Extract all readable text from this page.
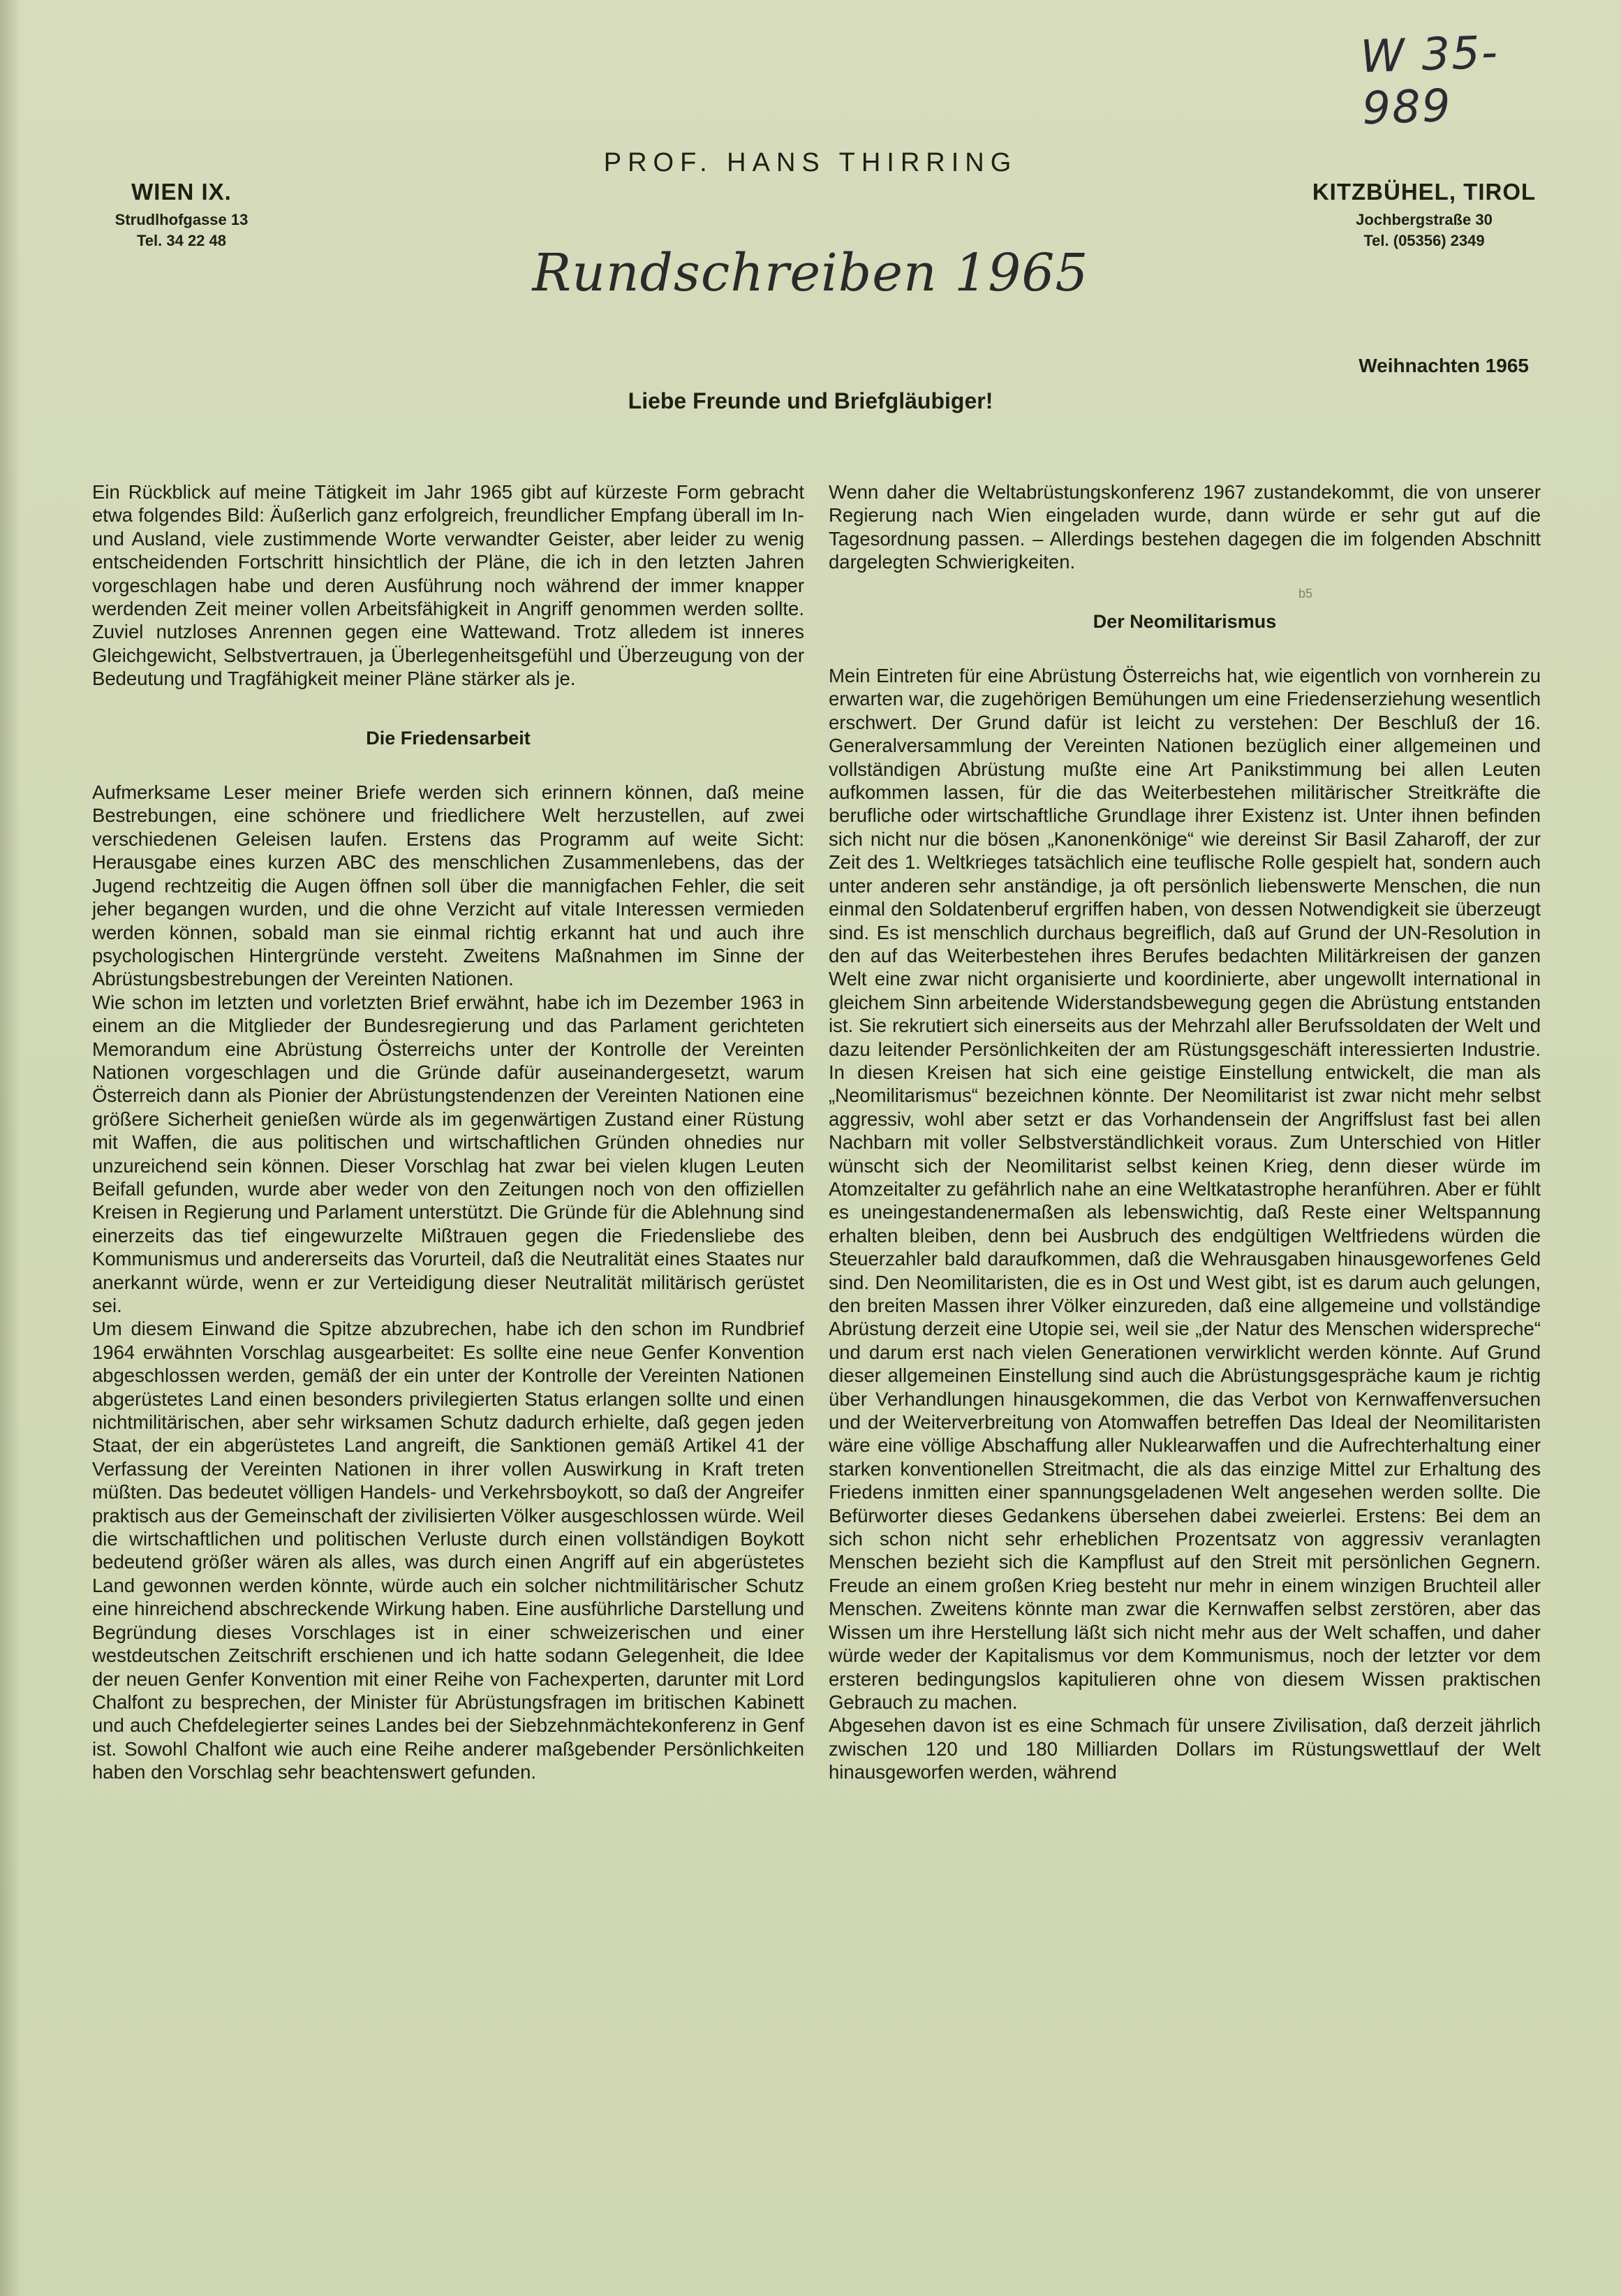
W 35-989
PROF. HANS THIRRING
WIEN IX.
Strudlhofgasse 13
Tel. 34 22 48
KITZBÜHEL, TIROL
Jochbergstraße 30
Tel. (05356) 2349
Rundschreiben 1965
Weihnachten 1965
Liebe Freunde und Briefgläubiger!
b5

Ein Rückblick auf meine Tätigkeit im Jahr 1965 gibt auf kürzeste Form gebracht etwa folgendes Bild: Äußerlich ganz erfolgreich, freundlicher Empfang überall im In- und Ausland, viele zustimmende Worte verwandter Geister, aber leider zu wenig entscheidenden Fortschritt hinsichtlich der Pläne, die ich in den letzten Jahren vorgeschlagen habe und deren Ausführung noch während der immer knapper werdenden Zeit meiner vollen Arbeitsfähigkeit in Angriff genommen werden sollte. Zuviel nutzloses Anrennen gegen eine Wattewand. Trotz alledem ist inneres Gleichgewicht, Selbstvertrauen, ja Überlegenheitsgefühl und Überzeugung von der Bedeutung und Tragfähigkeit meiner Pläne stärker als je.

Die Friedensarbeit

Aufmerksame Leser meiner Briefe werden sich erinnern können, daß meine Bestrebungen, eine schönere und friedlichere Welt herzustellen, auf zwei verschiedenen Geleisen laufen. Erstens das Programm auf weite Sicht: Herausgabe eines kurzen ABC des menschlichen Zusammenlebens, das der Jugend rechtzeitig die Augen öffnen soll über die mannigfachen Fehler, die seit jeher begangen wurden, und die ohne Verzicht auf vitale Interessen vermieden werden können, sobald man sie einmal richtig erkannt hat und auch ihre psychologischen Hintergründe versteht. Zweitens Maßnahmen im Sinne der Abrüstungsbestrebungen der Vereinten Nationen.

Wie schon im letzten und vorletzten Brief erwähnt, habe ich im Dezember 1963 in einem an die Mitglieder der Bundesregierung und das Parlament gerichteten Memorandum eine Abrüstung Österreichs unter der Kontrolle der Vereinten Nationen vorgeschlagen und die Gründe dafür auseinandergesetzt, warum Österreich dann als Pionier der Abrüstungstendenzen der Vereinten Nationen eine größere Sicherheit genießen würde als im gegenwärtigen Zustand einer Rüstung mit Waffen, die aus politischen und wirtschaftlichen Gründen ohnedies nur unzureichend sein können. Dieser Vorschlag hat zwar bei vielen klugen Leuten Beifall gefunden, wurde aber weder von den Zeitungen noch von den offiziellen Kreisen in Regierung und Parlament unterstützt. Die Gründe für die Ablehnung sind einerzeits das tief eingewurzelte Mißtrauen gegen die Friedensliebe des Kommunismus und andererseits das Vorurteil, daß die Neutralität eines Staates nur anerkannt würde, wenn er zur Verteidigung dieser Neutralität militärisch gerüstet sei.

Um diesem Einwand die Spitze abzubrechen, habe ich den schon im Rundbrief 1964 erwähnten Vorschlag ausgearbeitet: Es sollte eine neue Genfer Konvention abgeschlossen werden, gemäß der ein unter der Kontrolle der Vereinten Nationen abgerüstetes Land einen besonders privilegierten Status erlangen sollte und einen nichtmilitärischen, aber sehr wirksamen Schutz dadurch erhielte, daß gegen jeden Staat, der ein abgerüstetes Land angreift, die Sanktionen gemäß Artikel 41 der Verfassung der Vereinten Nationen in ihrer vollen Auswirkung in Kraft treten müßten. Das bedeutet völligen Handels- und Verkehrsboykott, so daß der Angreifer praktisch aus der Gemeinschaft der zivilisierten Völker ausgeschlossen würde. Weil die wirtschaftlichen und politischen Verluste durch einen vollständigen Boykott bedeutend größer wären als alles, was durch einen Angriff auf ein abgerüstetes Land gewonnen werden könnte, würde auch ein solcher nichtmilitärischer Schutz eine hinreichend abschreckende Wirkung haben. Eine ausführliche Darstellung und Begründung dieses Vorschlages ist in einer schweizerischen und einer westdeutschen Zeitschrift erschienen und ich hatte sodann Gelegenheit, die Idee der neuen Genfer Konvention mit einer Reihe von Fachexperten, darunter mit Lord Chalfont zu besprechen, der Minister für Abrüstungsfragen im britischen Kabinett und auch Chefdelegierter seines Landes bei der Siebzehnmächtekonferenz in Genf ist. Sowohl Chalfont wie auch eine Reihe anderer maßgebender Persönlichkeiten haben den Vorschlag sehr beachtenswert gefunden.

Wenn daher die Weltabrüstungskonferenz 1967 zustandekommt, die von unserer Regierung nach Wien eingeladen wurde, dann würde er sehr gut auf die Tagesordnung passen. – Allerdings bestehen dagegen die im folgenden Abschnitt dargelegten Schwierigkeiten.

Der Neomilitarismus

Mein Eintreten für eine Abrüstung Österreichs hat, wie eigentlich von vornherein zu erwarten war, die zugehörigen Bemühungen um eine Friedenserziehung wesentlich erschwert. Der Grund dafür ist leicht zu verstehen: Der Beschluß der 16. Generalversammlung der Vereinten Nationen bezüglich einer allgemeinen und vollständigen Abrüstung mußte eine Art Panikstimmung bei allen Leuten aufkommen lassen, für die das Weiterbestehen militärischer Streitkräfte die berufliche oder wirtschaftliche Grundlage ihrer Existenz ist. Unter ihnen befinden sich nicht nur die bösen „Kanonenkönige“ wie dereinst Sir Basil Zaharoff, der zur Zeit des 1. Weltkrieges tatsächlich eine teuflische Rolle gespielt hat, sondern auch unter anderen sehr anständige, ja oft persönlich liebenswerte Menschen, die nun einmal den Soldatenberuf ergriffen haben, von dessen Notwendigkeit sie überzeugt sind. Es ist menschlich durchaus begreiflich, daß auf Grund der UN-Resolution in den auf das Weiterbestehen ihres Berufes bedachten Militärkreisen der ganzen Welt eine zwar nicht organisierte und koordinierte, aber ungewollt international in gleichem Sinn arbeitende Widerstandsbewegung gegen die Abrüstung entstanden ist. Sie rekrutiert sich einerseits aus der Mehrzahl aller Berufssoldaten der Welt und dazu leitender Persönlichkeiten der am Rüstungsgeschäft interessierten Industrie. In diesen Kreisen hat sich eine geistige Einstellung entwickelt, die man als „Neomilitarismus“ bezeichnen könnte. Der Neomilitarist ist zwar nicht mehr selbst aggressiv, wohl aber setzt er das Vorhandensein der Angriffslust fast bei allen Nachbarn mit voller Selbstverständlichkeit voraus. Zum Unterschied von Hitler wünscht sich der Neomilitarist selbst keinen Krieg, denn dieser würde im Atomzeitalter zu gefährlich nahe an eine Weltkatastrophe heranführen. Aber er fühlt es uneingestandenermaßen als lebenswichtig, daß Reste einer Weltspannung erhalten bleiben, denn bei Ausbruch des endgültigen Weltfriedens würden die Steuerzahler bald daraufkommen, daß die Wehrausgaben hinausgeworfenes Geld sind. Den Neomilitaristen, die es in Ost und West gibt, ist es darum auch gelungen, den breiten Massen ihrer Völker einzureden, daß eine allgemeine und vollständige Abrüstung derzeit eine Utopie sei, weil sie „der Natur des Menschen widerspreche“ und darum erst nach vielen Generationen verwirklicht werden könnte. Auf Grund dieser allgemeinen Einstellung sind auch die Abrüstungsgespräche kaum je richtig über Verhandlungen hinausgekommen, die das Verbot von Kernwaffenversuchen und der Weiterverbreitung von Atomwaffen betreffen Das Ideal der Neomilitaristen wäre eine völlige Abschaffung aller Nuklearwaffen und die Aufrechterhaltung einer starken konventionellen Streitmacht, die als das einzige Mittel zur Erhaltung des Friedens inmitten einer spannungsgeladenen Welt angesehen werden sollte. Die Befürworter dieses Gedankens übersehen dabei zweierlei. Erstens: Bei dem an sich schon nicht sehr erheblichen Prozentsatz von aggressiv veranlagten Menschen bezieht sich die Kampflust auf den Streit mit persönlichen Gegnern. Freude an einem großen Krieg besteht nur mehr in einem winzigen Bruchteil aller Menschen. Zweitens könnte man zwar die Kernwaffen selbst zerstören, aber das Wissen um ihre Herstellung läßt sich nicht mehr aus der Welt schaffen, und daher würde weder der Kapitalismus vor dem Kommunismus, noch der letzter vor dem ersteren bedingungslos kapitulieren ohne von diesem Wissen praktischen Gebrauch zu machen.

Abgesehen davon ist es eine Schmach für unsere Zivilisation, daß derzeit jährlich zwischen 120 und 180 Milliarden Dollars im Rüstungswettlauf der Welt hinausgeworfen werden, während
